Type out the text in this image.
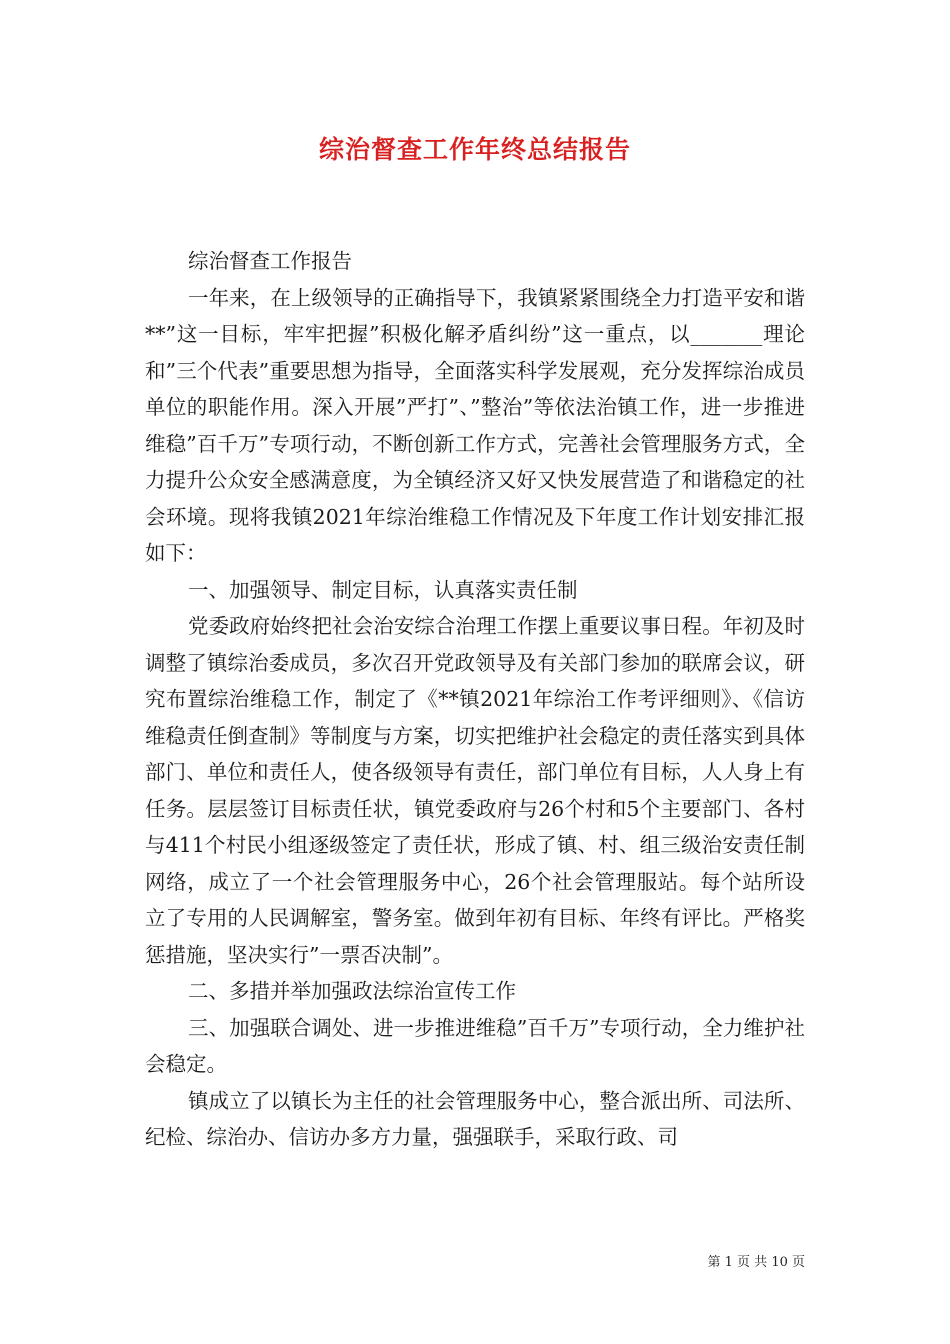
综治督查工作年终总结报告

综治督查工作报告

一年来，在上级领导的正确指导下，我镇紧紧围绕全力打造平安和谐**”这一目标，牢牢把握”积极化解矛盾纠纷”这一重点，以_______理论和”三个代表”重要思想为指导，全面落实科学发展观，充分发挥综治成员单位的职能作用。深入开展”严打”、”整治”等依法治镇工作，进一步推进维稳”百千万”专项行动，不断创新工作方式，完善社会管理服务方式，全力提升公众安全感满意度，为全镇经济又好又快发展营造了和谐稳定的社会环境。现将我镇2021年综治维稳工作情况及下年度工作计划安排汇报如下：

一、加强领导、制定目标，认真落实责任制

党委政府始终把社会治安综合治理工作摆上重要议事日程。年初及时调整了镇综治委成员，多次召开党政领导及有关部门参加的联席会议，研究布置综治维稳工作，制定了《**镇2021年综治工作考评细则》、《信访维稳责任倒查制》等制度与方案，切实把维护社会稳定的责任落实到具体部门、单位和责任人，使各级领导有责任，部门单位有目标，人人身上有任务。层层签订目标责任状，镇党委政府与26个村和5个主要部门、各村与411个村民小组逐级签定了责任状，形成了镇、村、组三级治安责任制网络，成立了一个社会管理服务中心，26个社会管理服站。每个站所设立了专用的人民调解室，警务室。做到年初有目标、年终有评比。严格奖惩措施，坚决实行”一票否决制”。

二、多措并举加强政法综治宣传工作

三、加强联合调处、进一步推进维稳”百千万”专项行动，全力维护社会稳定。

镇成立了以镇长为主任的社会管理服务中心，整合派出所、司法所、纪检、综治办、信访办多方力量，强强联手，采取行政、司

第 1 页 共 10 页
